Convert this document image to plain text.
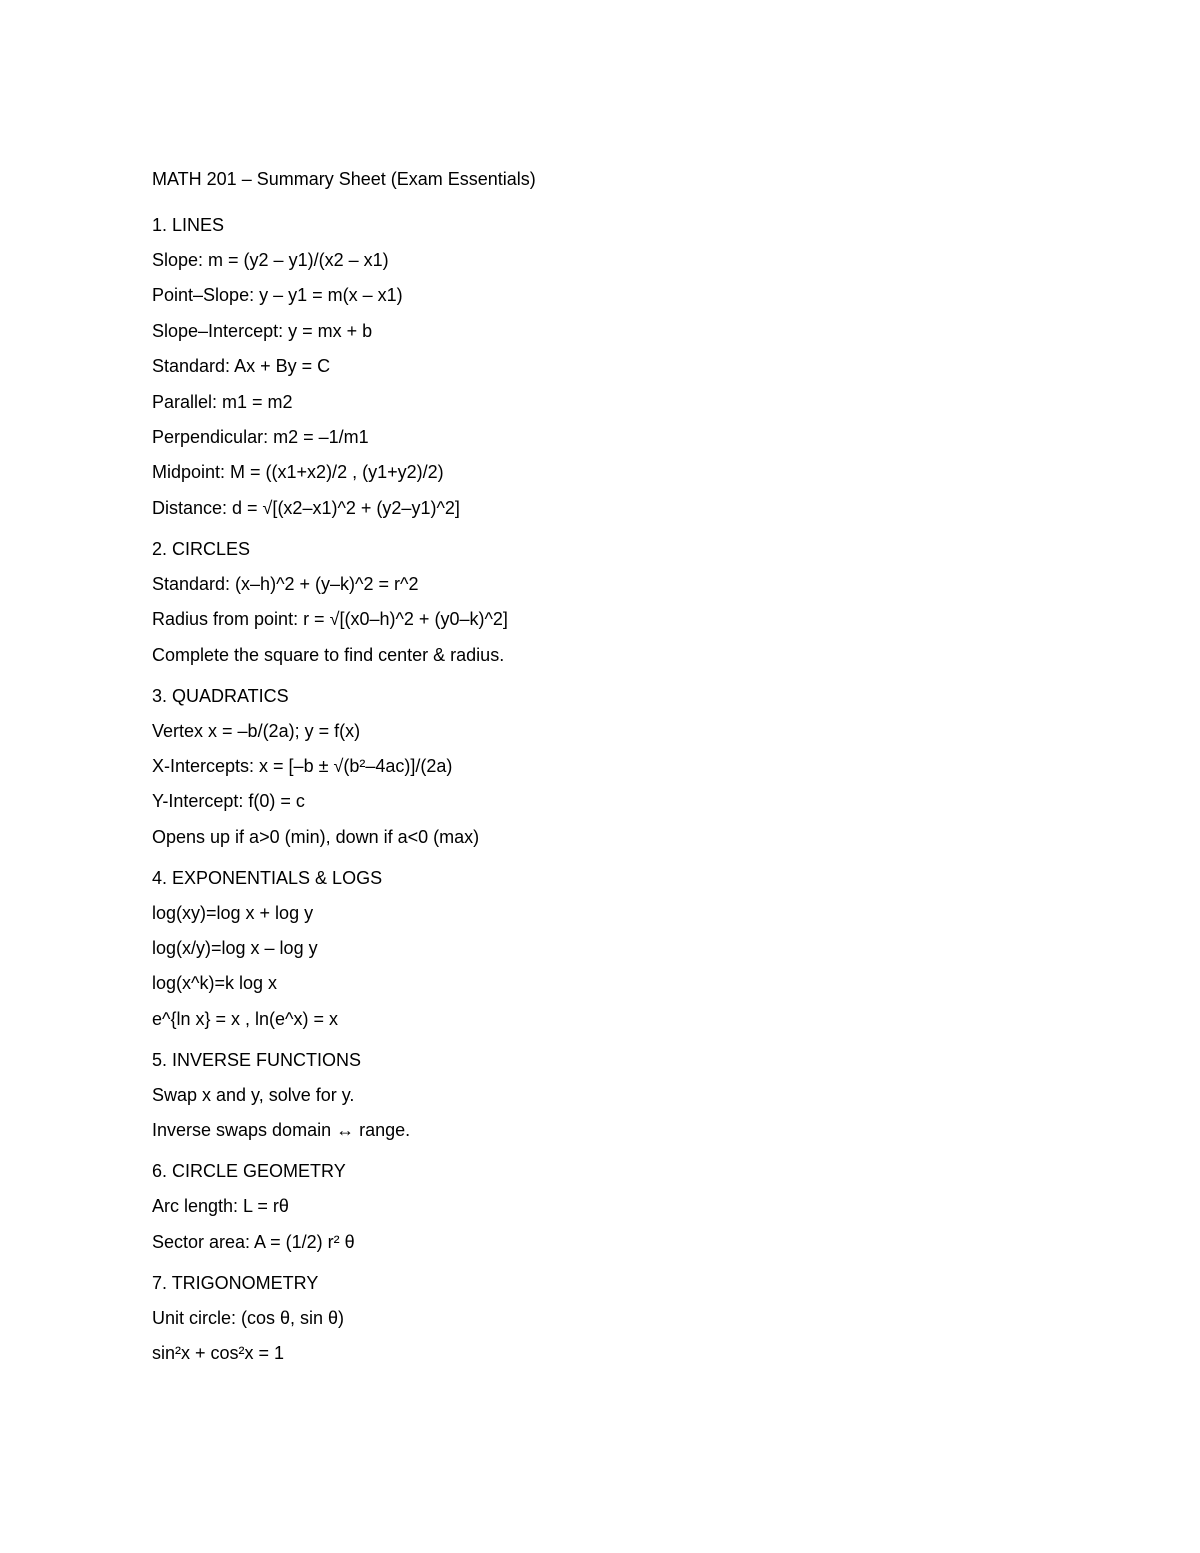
MATH 201 – Summary Sheet (Exam Essentials)
1. LINES
Slope: m = (y2 – y1)/(x2 – x1)
Point–Slope: y – y1 = m(x – x1)
Slope–Intercept: y = mx + b
Standard: Ax + By = C
Parallel: m1 = m2
Perpendicular: m2 = –1/m1
Midpoint: M = ((x1+x2)/2 , (y1+y2)/2)
Distance: d = √[(x2–x1)^2 + (y2–y1)^2]
2. CIRCLES
Standard: (x–h)^2 + (y–k)^2 = r^2
Radius from point: r = √[(x0–h)^2 + (y0–k)^2]
Complete the square to find center & radius.
3. QUADRATICS
Vertex x = –b/(2a); y = f(x)
X-Intercepts: x = [–b ± √(b²–4ac)]/(2a)
Y-Intercept: f(0) = c
Opens up if a>0 (min), down if a<0 (max)
4. EXPONENTIALS & LOGS
log(xy)=log x + log y
log(x/y)=log x – log y
log(x^k)=k log x
e^{ln x} = x , ln(e^x) = x
5. INVERSE FUNCTIONS
Swap x and y, solve for y.
Inverse swaps domain ↔ range.
6. CIRCLE GEOMETRY
Arc length: L = rθ
Sector area: A = (1/2) r² θ
7. TRIGONOMETRY
Unit circle: (cos θ, sin θ)
sin²x + cos²x = 1
